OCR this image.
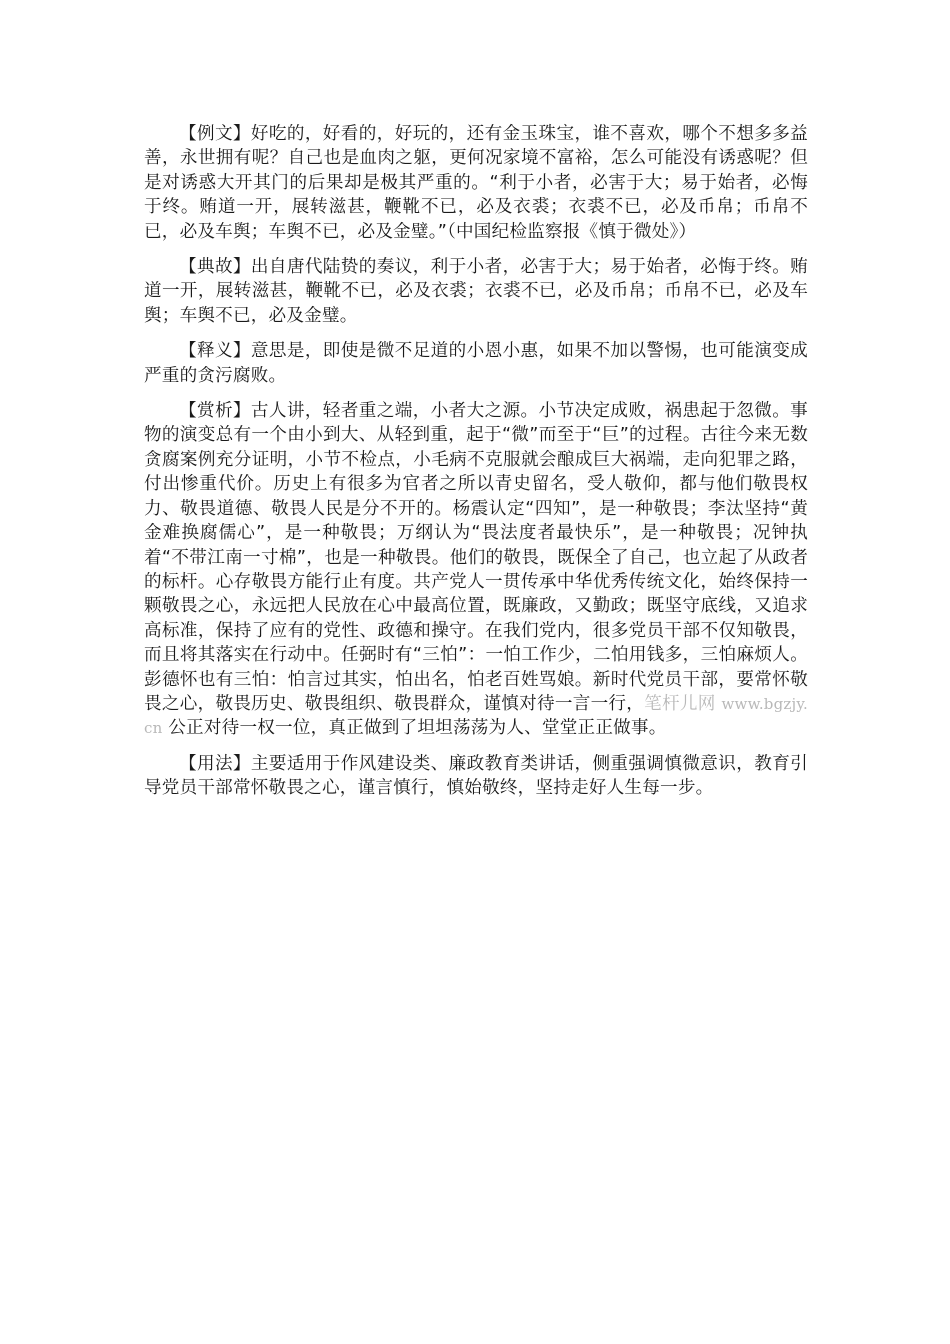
【例文】好吃的，好看的，好玩的，还有金玉珠宝，谁不喜欢，哪个不想多多益善，永世拥有呢？自己也是血肉之躯，更何况家境不富裕，怎么可能没有诱惑呢？但是对诱惑大开其门的后果却是极其严重的。“利于小者，必害于大；易于始者，必悔于终。贿道一开，展转滋甚，鞭靴不已，必及衣裘；衣裘不已，必及币帛；币帛不已，必及车舆；车舆不已，必及金璧。”（中国纪检监察报《慎于微处》）

【典故】出自唐代陆贽的奏议，利于小者，必害于大；易于始者，必悔于终。贿道一开，展转滋甚，鞭靴不已，必及衣裘；衣裘不已，必及币帛；币帛不已，必及车舆；车舆不已，必及金璧。

【释义】意思是，即使是微不足道的小恩小惠，如果不加以警惕，也可能演变成严重的贪污腐败。

【赏析】古人讲，轻者重之端，小者大之源。小节决定成败，祸患起于忽微。事物的演变总有一个由小到大、从轻到重，起于“微”而至于“巨”的过程。古往今来无数贪腐案例充分证明，小节不检点，小毛病不克服就会酿成巨大祸端，走向犯罪之路，付出惨重代价。历史上有很多为官者之所以青史留名，受人敬仰，都与他们敬畏权力、敬畏道德、敬畏人民是分不开的。杨震认定“四知”，是一种敬畏；李汰坚持“黄金难换腐儒心”，是一种敬畏；万纲认为“畏法度者最快乐”，是一种敬畏；况钟执着“不带江南一寸棉”，也是一种敬畏。他们的敬畏，既保全了自己，也立起了从政者的标杆。心存敬畏方能行止有度。共产党人一贯传承中华优秀传统文化，始终保持一颗敬畏之心，永远把人民放在心中最高位置，既廉政，又勤政；既坚守底线，又追求高标准，保持了应有的党性、政德和操守。在我们党内，很多党员干部不仅知敬畏，而且将其落实在行动中。任弼时有“三怕”：一怕工作少，二怕用钱多，三怕麻烦人。彭德怀也有三怕：怕言过其实，怕出名，怕老百姓骂娘。新时代党员干部，要常怀敬畏之心，敬畏历史、敬畏组织、敬畏群众，谨慎对待一言一行，笔杆儿网 www.bgzjy.cn 公正对待一权一位，真正做到了坦坦荡荡为人、堂堂正正做事。

【用法】主要适用于作风建设类、廉政教育类讲话，侧重强调慎微意识，教育引导党员干部常怀敬畏之心，谨言慎行，慎始敬终，坚持走好人生每一步。
